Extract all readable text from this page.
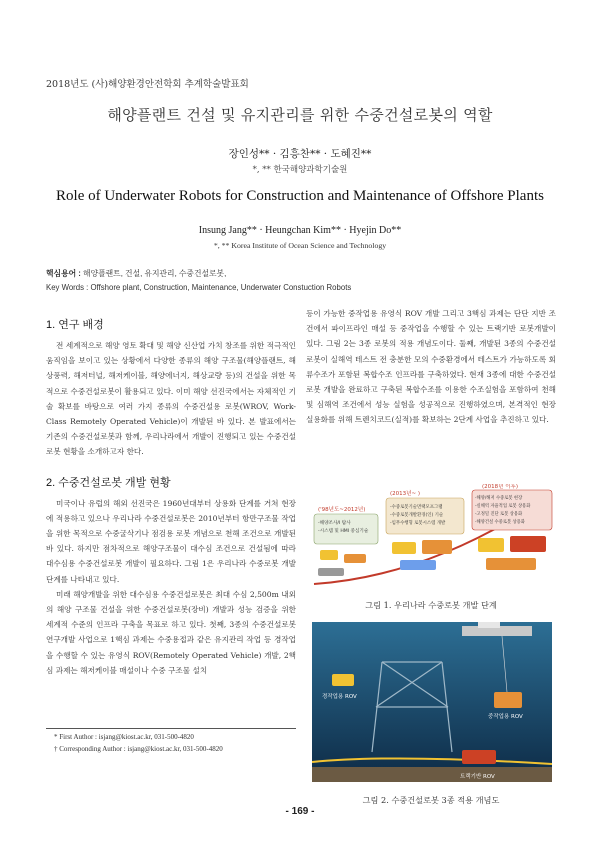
2018년도 (사)해양환경안전학회 추계학술발표회
해양플랜트 건설 및 유지관리를 위한 수중건설로봇의 역할
장인성** · 김흥찬** · 도혜진**
*, ** 한국해양과학기술원
Role of Underwater Robots for Construction and Maintenance of Offshore Plants
Insung Jang** · Heungchan Kim** · Hyejin Do**
*, ** Korea Institute of Ocean Science and Technology
핵심용어 : 해양플랜트, 건설, 유지관리, 수중건설로봇,
Key Words : Offshore plant, Construction, Maintenance, Underwater Constuction Robots
1. 연구 배경

전 세계적으로 해양 영토 확대 및 해양 신산업 가치 창조를 위한 적극적인 움직임을 보이고 있는 상황에서 다양한 종류의 해양 구조물(해양플랜트, 해상풍력, 해저터널, 해저케이블, 해양에너지, 해상교량 등)의 건설을 위한 목적으로 수중건설로봇이 활용되고 있다. 이미 해양 선진국에서는 자체적인 기술 확보를 바탕으로 여러 가지 종류의 수중건설용 로봇(WROV, Work-Class Remotely Operated Vehicle)이 개발된 바 있다. 본 발표에서는 기존의 수중건설로봇과 함께, 우리나라에서 개발이 진행되고 있는 수중건설로봇 현황을 소개하고자 한다.

2. 수중건설로봇 개발 현황

미국이나 유럽의 해외 선진국은 1960년대부터 상용화 단계를 거쳐 현장에 적용하고 있으나 우리나라 수중건설로봇은 2010년부터 항만구조물 작업을 위한 목적으로 수중굴삭기나 점검용 로봇 개념으로 천해 조건으로 개발된 바 있다. 하지만 점차적으로 해양구조물이 대수심 조건으로 건설됨에 따라 대수심용 수중건설로봇 개발이 필요하다. 그림 1은 우리나라 수중로봇 개발 단계를 나타내고 있다.

미래 해양개발을 위한 대수심용 수중건설로봇은 최대 수심 2,500m 내외의 해양 구조물 건설을 위한 수중건설로봇(장비) 개발과 성능 검증을 위한 세계적 수준의 인프라 구축을 목표로 하고 있다. 첫째, 3종의 수중건설로봇 연구개발 사업으로 1핵심 과제는 수중용접과 같은 유지관리 작업 등 경작업을 수행할 수 있는 유영식 ROV(Remotely Operated Vehicle) 개발, 2핵심 과제는 해저케이블 매설이나 수중 구조물 설치

등이 가능한 중작업용 유영식 ROV 개발 그리고 3핵심 과제는 단단 지반 조건에서 파이프라인 매설 등 중작업을 수행할 수 있는 트랙기반 로봇개발이 있다. 그림 2는 3종 로봇의 적용 개념도이다. 둘째, 개발된 3종의 수중건설로봇이 실해역 테스트 전 충분한 모의 수중환경에서 테스트가 가능하도록 회류수조가 포함된 복합수조 인프라를 구축하였다. 현재 3종에 대한 수중건설로봇 개발을 완료하고 구축된 복합수조를 이용한 수조실험을 포함하여 천해 및 심해역 조건에서 성능 실험을 성공적으로 진행하였으며, 본격적인 현장 실용화를 위해 트렌치코드(실적)를 확보하는 2단계 사업을 추진하고 있다.

('98년도~2012년)
-해양조사/I 탐사
-시스템 및 HMI 중심기술
(2013년~ )
-수중로봇기술면택모프그램
-수중로봇개발환경(인) 기술
-임무수행형 로봇시스템 개발
(2018년 이후)
-해양/해저 수중로봇 현장
-실해역 자율적업 로봇 상용화
-고정밀 진단 로봇 상용화
-해양건설 수중로봇 상용화
그림 1. 우리나라 수중로봇 개발 단계
경작업용 ROV
중작업용 ROV
트랙기반 ROV
그림 2. 수중건설로봇 3종 적용 개념도
* First Author : isjang@kiost.ac.kr, 031-500-4820
† Corresponding Author : isjang@kiost.ac.kr, 031-500-4820
- 169 -
